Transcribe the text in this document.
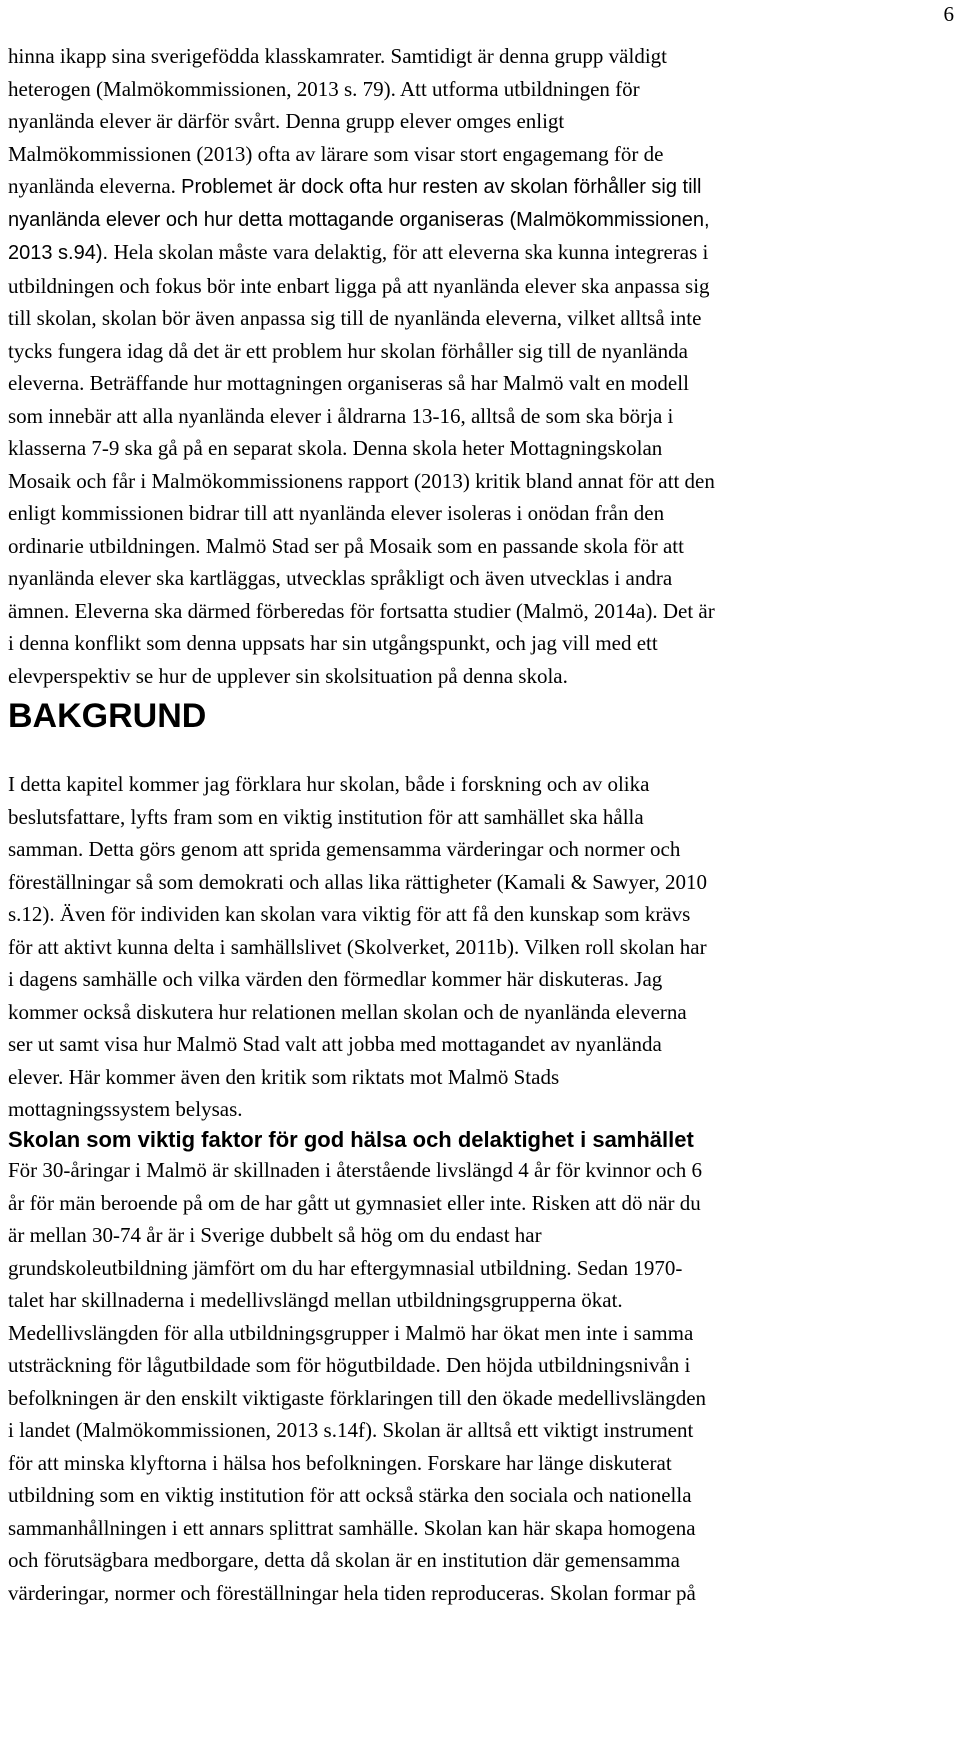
6
hinna ikapp sina sverigefödda klasskamrater. Samtidigt är denna grupp väldigt
heterogen (Malmökommissionen, 2013 s. 79). Att utforma utbildningen för
nyanlända elever är därför svårt. Denna grupp elever omges enligt
Malmökommissionen (2013) ofta av lärare som visar stort engagemang för de
nyanlända eleverna. Problemet är dock ofta hur resten av skolan förhåller sig till
nyanlända elever och hur detta mottagande organiseras (Malmökommissionen,
2013 s.94). Hela skolan måste vara delaktig, för att eleverna ska kunna integreras i
utbildningen och fokus bör inte enbart ligga på att nyanlända elever ska anpassa sig
till skolan, skolan bör även anpassa sig till de nyanlända eleverna, vilket alltså inte
tycks fungera idag då det är ett problem hur skolan förhåller sig till de nyanlända
eleverna. Beträffande hur mottagningen organiseras så har Malmö valt en modell
som innebär att alla nyanlända elever i åldrarna 13-16, alltså de som ska börja i
klasserna 7-9 ska gå på en separat skola. Denna skola heter Mottagningskolan
Mosaik och får i Malmökommissionens rapport (2013) kritik bland annat för att den
enligt kommissionen bidrar till att nyanlända elever isoleras i onödan från den
ordinarie utbildningen. Malmö Stad ser på Mosaik som en passande skola för att
nyanlända elever ska kartläggas, utvecklas språkligt och även utvecklas i andra
ämnen. Eleverna ska därmed förberedas för fortsatta studier (Malmö, 2014a). Det är
i denna konflikt som denna uppsats har sin utgångspunkt, och jag vill med ett
elevperspektiv se hur de upplever sin skolsituation på denna skola.
BAKGRUND
I detta kapitel kommer jag förklara hur skolan, både i forskning och av olika
beslutsfattare, lyfts fram som en viktig institution för att samhället ska hålla
samman. Detta görs genom att sprida gemensamma värderingar och normer och
föreställningar så som demokrati och allas lika rättigheter (Kamali & Sawyer, 2010
s.12). Även för individen kan skolan vara viktig för att få den kunskap som krävs
för att aktivt kunna delta i samhällslivet (Skolverket, 2011b). Vilken roll skolan har
i dagens samhälle och vilka värden den förmedlar kommer här diskuteras. Jag
kommer också diskutera hur relationen mellan skolan och de nyanlända eleverna
ser ut samt visa hur Malmö Stad valt att jobba med mottagandet av nyanlända
elever. Här kommer även den kritik som riktats mot Malmö Stads
mottagningssystem belysas.
Skolan som viktig faktor för god hälsa och delaktighet i samhället
För 30-åringar i Malmö är skillnaden i återstående livslängd 4 år för kvinnor och 6
år för män beroende på om de har gått ut gymnasiet eller inte. Risken att dö när du
är mellan 30-74 år är i Sverige dubbelt så hög om du endast har
grundskoleutbildning jämfört om du har eftergymnasial utbildning. Sedan 1970-
talet har skillnaderna i medellivslängd mellan utbildningsgrupperna ökat.
Medellivslängden för alla utbildningsgrupper i Malmö har ökat men inte i samma
utsträckning för lågutbildade som för högutbildade. Den höjda utbildningsnivån i
befolkningen är den enskilt viktigaste förklaringen till den ökade medellivslängden
i landet (Malmökommissionen, 2013 s.14f). Skolan är alltså ett viktigt instrument
för att minska klyftorna i hälsa hos befolkningen. Forskare har länge diskuterat
utbildning som en viktig institution för att också stärka den sociala och nationella
sammanhållningen i ett annars splittrat samhälle. Skolan kan här skapa homogena
och förutsägbara medborgare, detta då skolan är en institution där gemensamma
värderingar, normer och föreställningar hela tiden reproduceras. Skolan formar på
